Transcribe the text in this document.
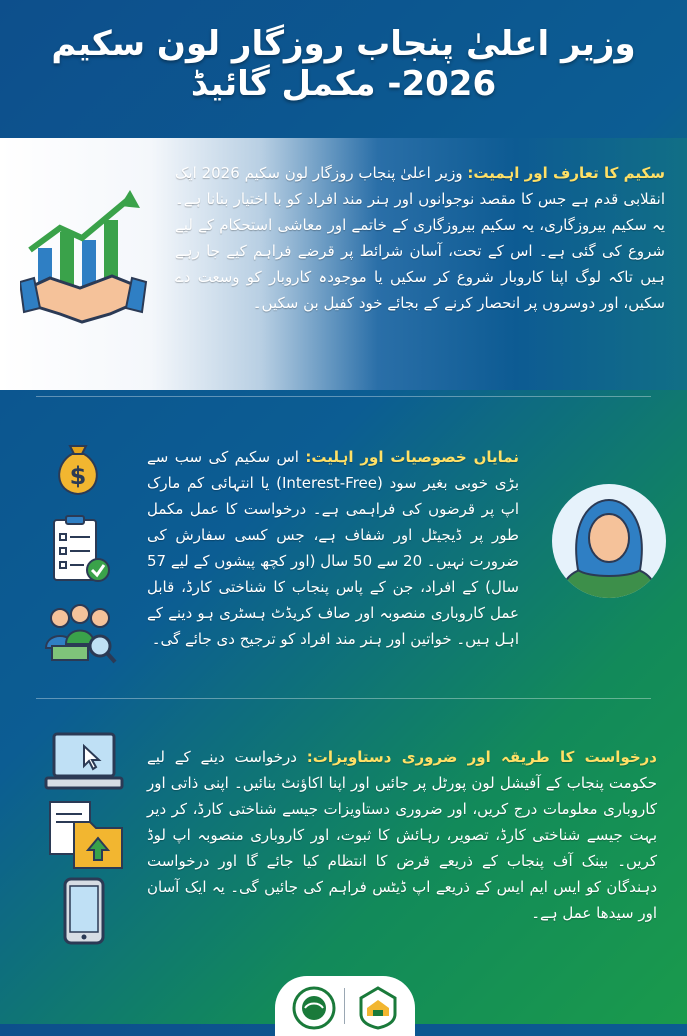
وزیر اعلیٰ پنجاب روزگار لون سکیم 2026- مکمل گائیڈ
سکیم کا تعارف اور اہمیت: وزیر اعلیٰ پنجاب روزگار لون سکیم 2026 ایک انقلابی قدم ہے جس کا مقصد نوجوانوں اور ہنر مند افراد کو با اختیار بنانا ہے۔ یہ سکیم بیروزگاری، یہ سکیم بیروزگاری کے خاتمے اور معاشی استحکام کے لیے شروع کی گئی ہے۔ اس کے تحت، آسان شرائط پر قرضے فراہم کیے جا رہے ہیں تاکہ لوگ اپنا کاروبار شروع کر سکیں یا موجودہ کاروبار کو وسعت دے سکیں، اور دوسروں پر انحصار کرنے کے بجائے خود کفیل بن سکیں۔
$
نمایاں خصوصیات اور اہلیت: اس سکیم کی سب سے بڑی خوبی بغیر سود (Interest-Free) یا انتہائی کم مارک اپ پر قرضوں کی فراہمی ہے۔ درخواست کا عمل مکمل طور پر ڈیجیٹل اور شفاف ہے، جس کسی سفارش کی ضرورت نہیں۔ 20 سے 50 سال (اور کچھ پیشوں کے لیے 57 سال) کے افراد، جن کے پاس پنجاب کا شناختی کارڈ، قابل عمل کاروباری منصوبہ اور صاف کریڈٹ ہسٹری ہو دینے کے اہل ہیں۔ خواتین اور ہنر مند افراد کو ترجیح دی جائے گی۔
درخواست کا طریقہ اور ضروری دستاویزات: درخواست دینے کے لیے حکومت پنجاب کے آفیشل لون پورٹل پر جائیں اور اپنا اکاؤنٹ بنائیں۔ اپنی ذاتی اور کاروباری معلومات درج کریں، اور ضروری دستاویزات جیسے شناختی کارڈ، کر دیر بہت جیسے شناختی کارڈ، تصویر، رہائش کا ثبوت، اور کاروباری منصوبہ اپ لوڈ کریں۔ بینک آف پنجاب کے ذریعے قرض کا انتظام کیا جائے گا اور درخواست دہندگان کو ایس ایم ایس کے ذریعے اپ ڈیٹس فراہم کی جائیں گی۔ یہ ایک آسان اور سیدھا عمل ہے۔
